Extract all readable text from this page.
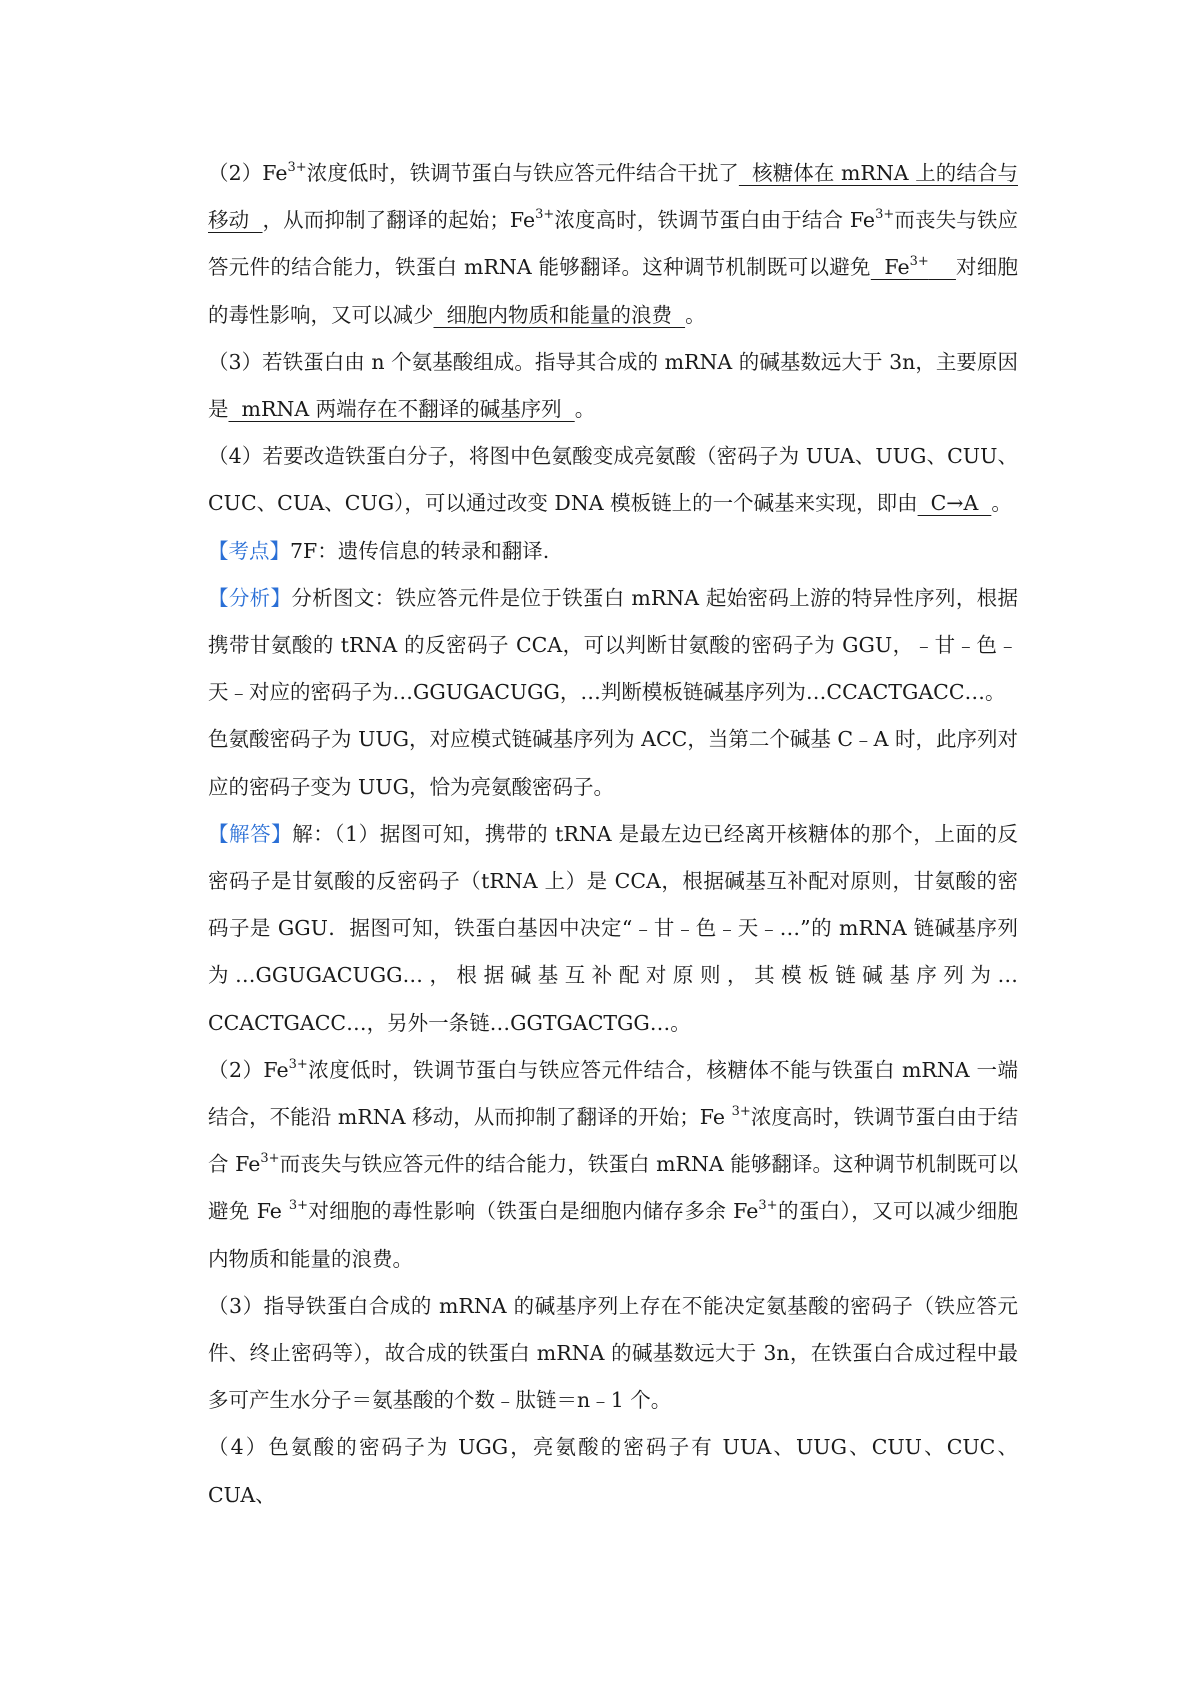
$(2)Fe^{3+}$浓度低时，铁调节蛋白与铁应答元件结合干扰了  核糖体在 mRNA 上的结合与移动  ，从而抑制了翻译的起始；$Fe^{3+}$浓度高时，铁调节蛋白由于结合 $Fe^{3+}$而丧失与铁应答元件的结合能力，铁蛋白 mRNA 能够翻译。这种调节机制既可以避免  $Fe^{3+}$ 对细胞的毒性影响，又可以减少  细胞内物质和能量的浪费  。

（3）若铁蛋白由 n 个氨基酸组成。指导其合成的 mRNA 的碱基数远大于 3n，主要原因是  mRNA 两端存在不翻译的碱基序列  。

（4）若要改造铁蛋白分子，将图中色氨酸变成亮氨酸（密码子为 UUA、UUG、CUU、CUC、CUA、CUG），可以通过改变 DNA 模板链上的一个碱基来实现，即由  C→A  。

【考点】7F：遗传信息的转录和翻译.

【分析】分析图文：铁应答元件是位于铁蛋白 mRNA 起始密码上游的特异性序列，根据携带甘氨酸的 tRNA 的反密码子 CCA，可以判断甘氨酸的密码子为 GGU，﹣甘﹣色﹣天﹣对应的密码子为…GGUGACUGG，…判断模板链碱基序列为…CCACTGACC…。

色氨酸密码子为 UUG，对应模式链碱基序列为 ACC，当第二个碱基 C﹣A 时，此序列对应的密码子变为 UUG，恰为亮氨酸密码子。

【解答】解：（1）据图可知，携带的 tRNA 是最左边已经离开核糖体的那个，上面的反密码子是甘氨酸的反密码子（tRNA 上）是 CCA，根据碱基互补配对原则，甘氨酸的密码子是 GGU．据图可知，铁蛋白基因中决定“﹣甘﹣色﹣天﹣…”的 mRNA 链碱基序列为…GGUGACUGG…，根据碱基互补配对原则，其模板链碱基序列为…CCACTGACC…，另外一条链…GGTGACTGG…。

$(2)Fe^{3+}$浓度低时，铁调节蛋白与铁应答元件结合，核糖体不能与铁蛋白 mRNA 一端结合，不能沿 mRNA 移动，从而抑制了翻译的开始；Fe $^{3+}$浓度高时，铁调节蛋白由于结合 $Fe^{3+}$而丧失与铁应答元件的结合能力，铁蛋白 mRNA 能够翻译。这种调节机制既可以避免 Fe $^{3+}$对细胞的毒性影响（铁蛋白是细胞内储存多余 $Fe^{3+}$的蛋白），又可以减少细胞内物质和能量的浪费。

（3）指导铁蛋白合成的 mRNA 的碱基序列上存在不能决定氨基酸的密码子（铁应答元件、终止密码等），故合成的铁蛋白 mRNA 的碱基数远大于 3n，在铁蛋白合成过程中最多可产生水分子＝氨基酸的个数﹣肽链＝n﹣1 个。

（4）色氨酸的密码子为 UGG，亮氨酸的密码子有 UUA、UUG、CUU、CUC、CUA、
